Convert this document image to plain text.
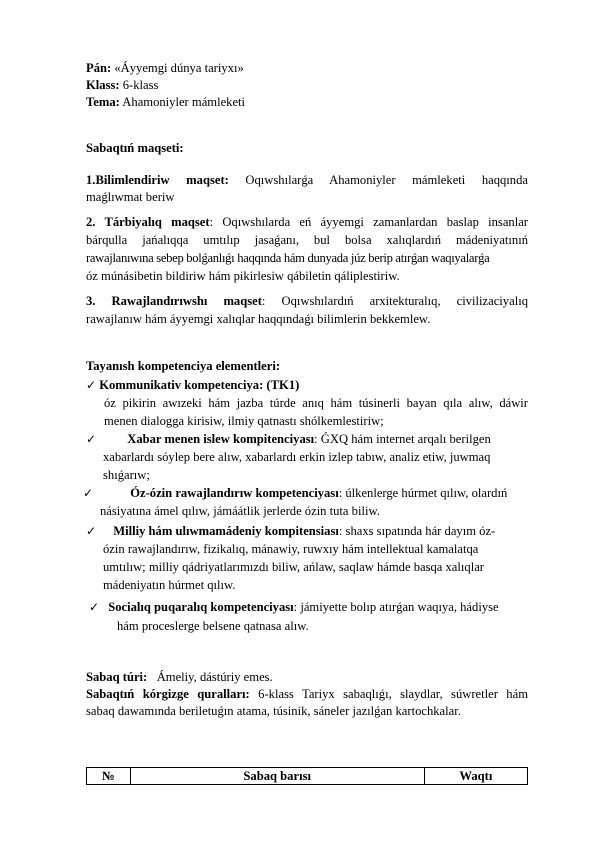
Pán: «Áyyemgi dúnya tariyxı»
Klass: 6-klass
Tema: Ahamoniyler mámleketi
Sabaqtıń maqseti:
1.Bilimlendiriw maqset: Oqıwshılarǵa Ahamoniyler mámleketi haqqında
maǵlıwmat beriw
2. Tárbiyalıq maqset: Oqıwshılarda eń áyyemgi zamanlardan baslap insanlar
bárqulla jańalıqqa umtılıp jasaǵanı, bul bolsa xalıqlardıń mádeniyatınıń
rawajlanıwına sebep bolǵanlıǵı haqqında hám dunyada júz berip atırǵan waqıyalarǵa
óz múnásibetin bildiriw hám pikirlesiw qábiletin qáliplestiriw.
3. Rawajlandırıwshı maqset: Oqıwshılardıń arxitekturalıq, civilizaciyalıq
rawajlanıw hám áyyemgi xalıqlar haqqındaǵı bilimlerin bekkemlew.
Tayanısh kompetenciya elementleri:
✓ Kommunikativ kompetenciya: (TK1)
óz pikirin awızeki hám jazba túrde anıq hám túsinerli bayan qıla alıw, dáwir
menen dialogga kirisiw, ilmiy qatnastı shólkemlestiriw;
✓ Xabar menen islew kompitenciyası: ǴXQ hám internet arqalı berilgen
xabarlardı sóylep bere alıw, xabarlardı erkin izlep tabıw, analiz etiw, juwmaq
shıǵarıw;
✓	Óz-ózin rawajlandırıw kompetenciyası: úlkenlerge húrmet qılıw, olardıń
násiyatına ámel qılıw, jámáátlik jerlerde ózin tuta biliw.
✓ Milliy hám ulıwmamádeniy kompitensiası: shaxs sıpatında hár dayım óz-
ózin rawajlandırıw, fizikalıq, mánawiy, ruwxıy hám intellektual kamalatqa
umtılıw; milliy qádriyatlarımızdı biliw, ańlaw, saqlaw hámde basqa xalıqlar
mádeniyatın húrmet qılıw.
✓ Socialıq puqaralıq kompetenciyası: jámiyette bolıp atırǵan waqıya, hádiyse
hám proceslerge belsene qatnasa alıw.
Sabaq túri: Ámeliy, dástúriy emes.
Sabaqtıń kórgizge quralları: 6-klass Tariyx sabaqlıǵı, slaydlar, súwretler hám
sabaq dawamında beriletuǵın atama, túsinik, sáneler jazılǵan kartochkalar.
№	Sabaq barısı	Waqtı
